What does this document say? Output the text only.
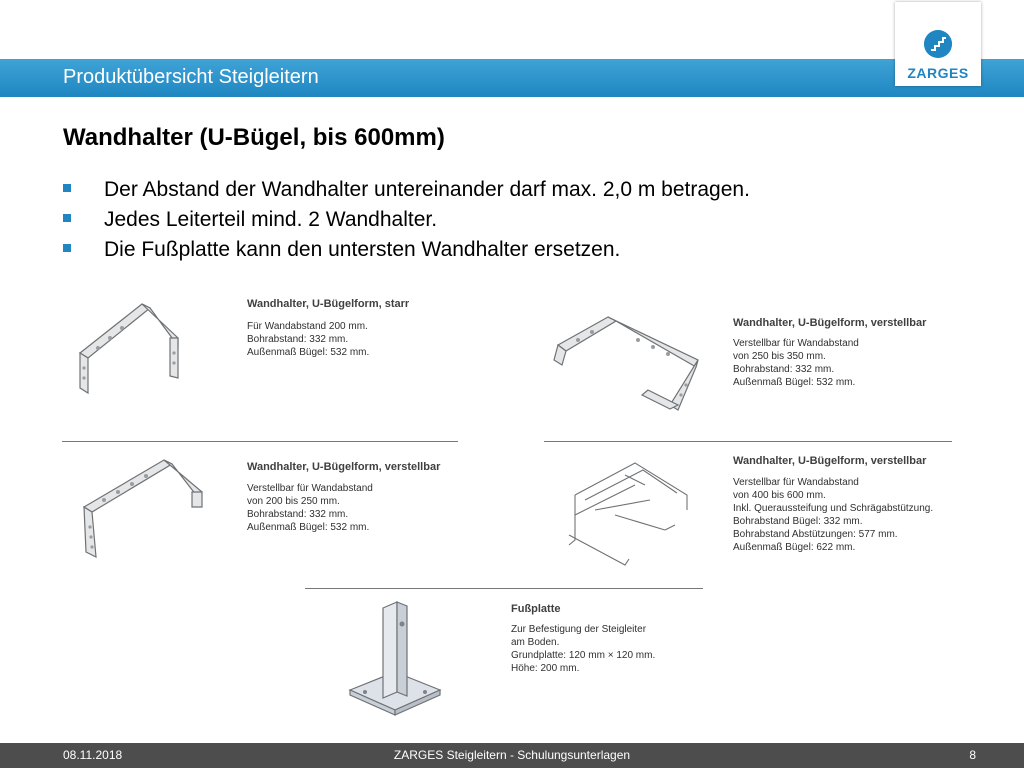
Produktübersicht Steigleitern	ZARGES
Wandhalter (U-Bügel, bis 600mm)
Der Abstand der Wandhalter untereinander darf max. 2,0 m betragen.
Jedes Leiterteil mind. 2 Wandhalter.
Die Fußplatte kann den untersten Wandhalter ersetzen.
Wandhalter, U-Bügelform, starr
Für Wandabstand 200 mm.
Bohrabstand: 332 mm.
Außenmaß Bügel: 532 mm.
Wandhalter, U-Bügelform, verstellbar
Verstellbar für Wandabstand
von 250 bis 350 mm.
Bohrabstand: 332 mm.
Außenmaß Bügel: 532 mm.
Wandhalter, U-Bügelform, verstellbar
Verstellbar für Wandabstand
von 200 bis 250 mm.
Bohrabstand: 332 mm.
Außenmaß Bügel: 532 mm.
Wandhalter, U-Bügelform, verstellbar
Verstellbar für Wandabstand
von 400 bis 600 mm.
Inkl. Queraussteifung und Schrägabstützung.
Bohrabstand Bügel: 332 mm.
Bohrabstand Abstützungen: 577 mm.
Außenmaß Bügel: 622 mm.
Fußplatte
Zur Befestigung der Steigleiter
am Boden.
Grundplatte: 120 mm × 120 mm.
Höhe: 200 mm.
08.11.2018	ZARGES Steigleitern - Schulungsunterlagen	8
